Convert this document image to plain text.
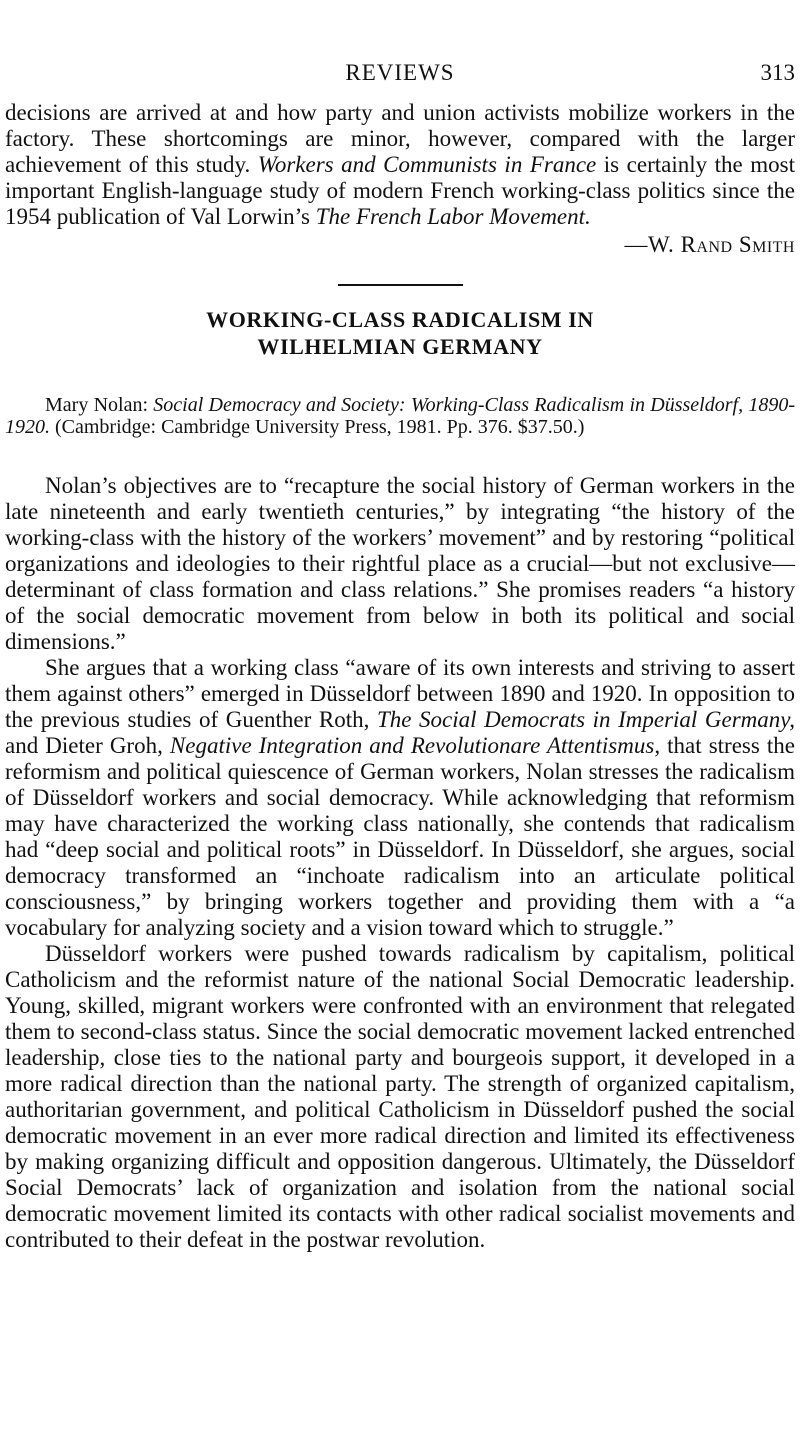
REVIEWS	313

decisions are arrived at and how party and union activists mobilize workers in the factory. These shortcomings are minor, however, compared with the larger achievement of this study. Workers and Communists in France is certainly the most important English-language study of modern French working-class politics since the 1954 publication of Val Lorwin’s The French Labor Movement.

—W. Rand Smith
WORKING-CLASS RADICALISM IN
WILHELMIAN GERMANY

Mary Nolan: Social Democracy and Society: Working-Class Radicalism in Düsseldorf, 1890-1920. (Cambridge: Cambridge University Press, 1981. Pp. 376. $37.50.)

Nolan’s objectives are to “recapture the social history of German workers in the late nineteenth and early twentieth centuries,” by integrating “the history of the working-class with the history of the workers’ movement” and by restoring “political organizations and ideologies to their rightful place as a crucial—but not exclusive—determinant of class formation and class relations.” She promises readers “a history of the social democratic movement from below in both its political and social dimensions.”

She argues that a working class “aware of its own interests and striving to assert them against others” emerged in Düsseldorf between 1890 and 1920. In opposition to the previous studies of Guenther Roth, The Social Democrats in Imperial Germany, and Dieter Groh, Negative Integration and Revolutionare Attentismus, that stress the reformism and political quiescence of German workers, Nolan stresses the radicalism of Düsseldorf workers and social democracy. While acknowledging that reformism may have characterized the working class nationally, she contends that radicalism had “deep social and political roots” in Düsseldorf. In Düsseldorf, she argues, social democracy transformed an “inchoate radicalism into an articulate political consciousness,” by bringing workers together and providing them with a “a vocabulary for analyzing society and a vision toward which to struggle.”

Düsseldorf workers were pushed towards radicalism by capitalism, political Catholicism and the reformist nature of the national Social Democratic leadership. Young, skilled, migrant workers were confronted with an environment that relegated them to second-class status. Since the social democratic movement lacked entrenched leadership, close ties to the national party and bourgeois support, it developed in a more radical direction than the national party. The strength of organized capitalism, authoritarian government, and political Catholicism in Düsseldorf pushed the social democratic movement in an ever more radical direction and limited its effectiveness by making organizing difficult and opposition dangerous. Ultimately, the Düsseldorf Social Democrats’ lack of organization and isolation from the national social democratic movement limited its contacts with other radical socialist movements and contributed to their defeat in the postwar revolution.
